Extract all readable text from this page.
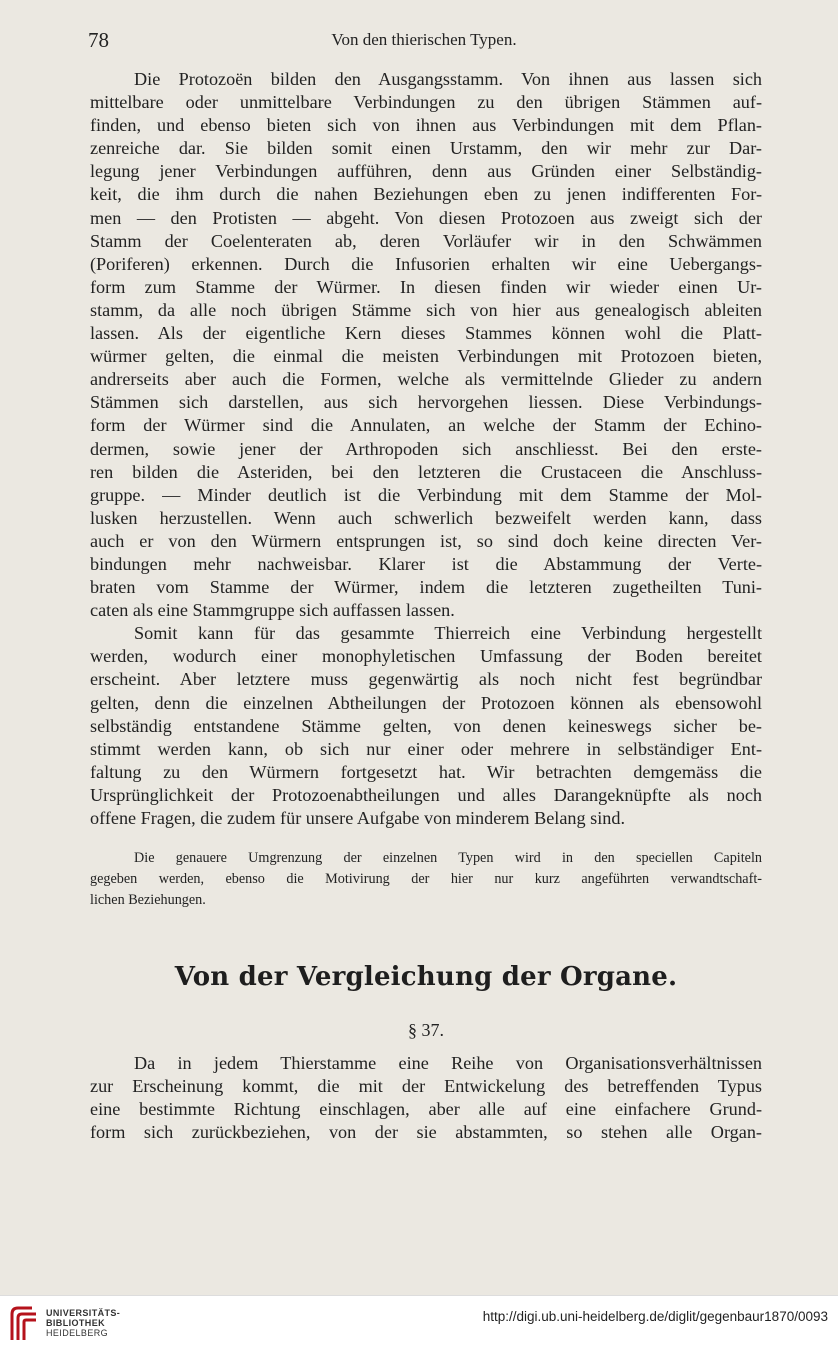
78	Von den thierischen Typen.
Die Protozoën bilden den Ausgangsstamm. Von ihnen aus lassen sich
mittelbare oder unmittelbare Verbindungen zu den übrigen Stämmen auf-
finden, und ebenso bieten sich von ihnen aus Verbindungen mit dem Pflan-
zenreiche dar. Sie bilden somit einen Urstamm, den wir mehr zur Dar-
legung jener Verbindungen aufführen, denn aus Gründen einer Selbständig-
keit, die ihm durch die nahen Beziehungen eben zu jenen indifferenten For-
men — den Protisten — abgeht. Von diesen Protozoen aus zweigt sich der
Stamm der Coelenteraten ab, deren Vorläufer wir in den Schwämmen
(Poriferen) erkennen. Durch die Infusorien erhalten wir eine Uebergangs-
form zum Stamme der Würmer. In diesen finden wir wieder einen Ur-
stamm, da alle noch übrigen Stämme sich von hier aus genealogisch ableiten
lassen. Als der eigentliche Kern dieses Stammes können wohl die Platt-
würmer gelten, die einmal die meisten Verbindungen mit Protozoen bieten,
andrerseits aber auch die Formen, welche als vermittelnde Glieder zu andern
Stämmen sich darstellen, aus sich hervorgehen liessen. Diese Verbindungs-
form der Würmer sind die Annulaten, an welche der Stamm der Echino-
dermen, sowie jener der Arthropoden sich anschliesst. Bei den erste-
ren bilden die Asteriden, bei den letzteren die Crustaceen die Anschluss-
gruppe. — Minder deutlich ist die Verbindung mit dem Stamme der Mol-
lusken herzustellen. Wenn auch schwerlich bezweifelt werden kann, dass
auch er von den Würmern entsprungen ist, so sind doch keine directen Ver-
bindungen mehr nachweisbar. Klarer ist die Abstammung der Verte-
braten vom Stamme der Würmer, indem die letzteren zugetheilten Tuni-
caten als eine Stammgruppe sich auffassen lassen.
Somit kann für das gesammte Thierreich eine Verbindung hergestellt
werden, wodurch einer monophyletischen Umfassung der Boden bereitet
erscheint. Aber letztere muss gegenwärtig als noch nicht fest begründbar
gelten, denn die einzelnen Abtheilungen der Protozoen können als ebensowohl
selbständig entstandene Stämme gelten, von denen keineswegs sicher be-
stimmt werden kann, ob sich nur einer oder mehrere in selbständiger Ent-
faltung zu den Würmern fortgesetzt hat. Wir betrachten demgemäss die
Ursprünglichkeit der Protozoenabtheilungen und alles Darangeknüpfte als noch
offene Fragen, die zudem für unsere Aufgabe von minderem Belang sind.
Die genauere Umgrenzung der einzelnen Typen wird in den speciellen Capiteln
gegeben werden, ebenso die Motivirung der hier nur kurz angeführten verwandtschaft-
lichen Beziehungen.
Von der Vergleichung der Organe.
§ 37.
Da in jedem Thierstamme eine Reihe von Organisationsverhältnissen
zur Erscheinung kommt, die mit der Entwickelung des betreffenden Typus
eine bestimmte Richtung einschlagen, aber alle auf eine einfachere Grund-
form sich zurückbeziehen, von der sie abstammten, so stehen alle Organ-
UNIVERSITÄTS-
BIBLIOTHEK
HEIDELBERG
http://digi.ub.uni-heidelberg.de/diglit/gegenbaur1870/0093
